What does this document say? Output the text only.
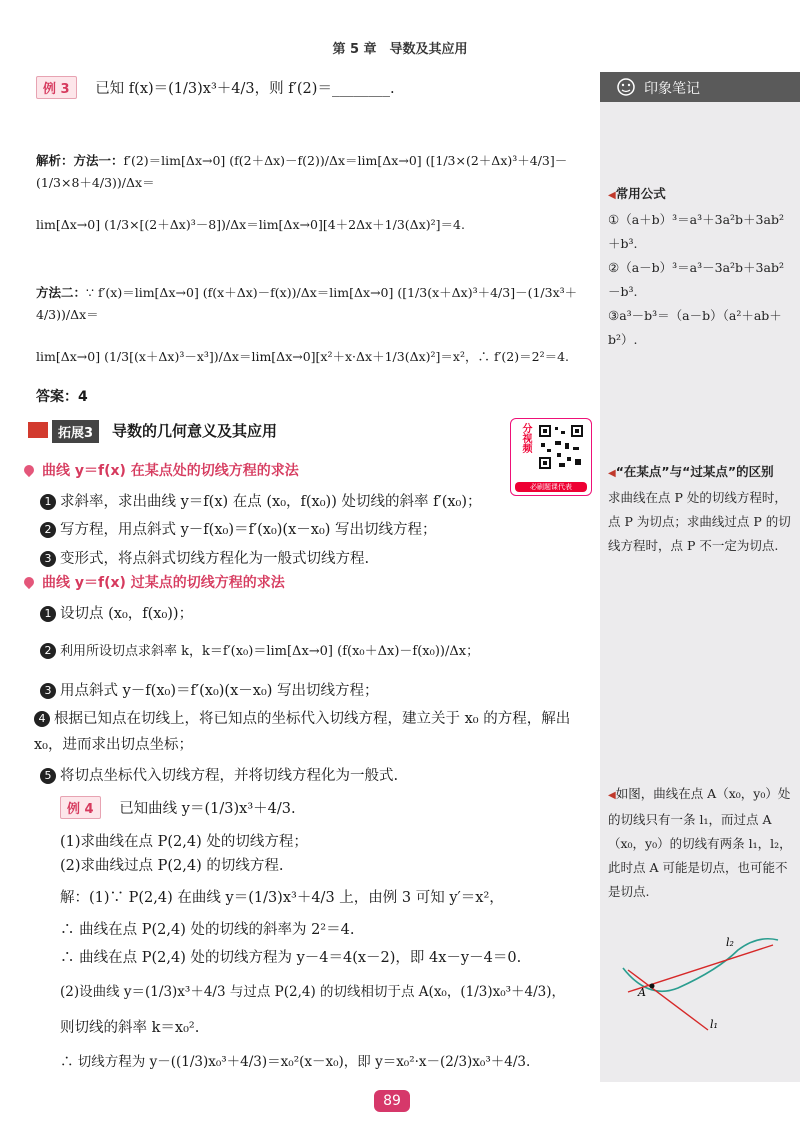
第 5 章　导数及其应用
印象笔记
◀常用公式
①（a＋b）³＝a³＋3a²b＋3ab²＋b³.
②（a－b）³＝a³－3a²b＋3ab²－b³.
③a³－b³＝（a－b）（a²＋ab＋b²）.
◀“在某点”与“过某点”的区别
求曲线在点 P 处的切线方程时，点 P 为切点；求曲线过点 P 的切线方程时，点 P 不一定为切点.
◀如图，曲线在点 A（x₀，y₀）处的切线只有一条 l₁，而过点 A（x₀，y₀）的切线有两条 l₁，l₂，此时点 A 可能是切点，也可能不是切点.
A
l₁
l₂
例 3 已知 f(x)＝(1/3)x³＋4/3，则 f′(2)＝________.
解析：方法一：f′(2)＝lim[Δx→0] (f(2＋Δx)－f(2))/Δx＝lim[Δx→0] ([1/3×(2＋Δx)³＋4/3]－(1/3×8＋4/3))/Δx＝
lim[Δx→0] (1/3×[(2＋Δx)³－8])/Δx＝lim[Δx→0][4＋2Δx＋1/3(Δx)²]＝4.
方法二：∵ f′(x)＝lim[Δx→0] (f(x＋Δx)－f(x))/Δx＝lim[Δx→0] ([1/3(x＋Δx)³＋4/3]－(1/3x³＋4/3))/Δx＝
lim[Δx→0] (1/3[(x＋Δx)³－x³])/Δx＝lim[Δx→0][x²＋x·Δx＋1/3(Δx)²]＝x²，∴ f′(2)＝2²＝4.
答案：4
拓展3	导数的几何意义及其应用	分视频
必刷题课代表
曲线 y＝f(x) 在某点处的切线方程的求法
1 求斜率，求出曲线 y＝f(x) 在点 (x₀，f(x₀)) 处切线的斜率 f′(x₀)；
2 写方程，用点斜式 y－f(x₀)＝f′(x₀)(x－x₀) 写出切线方程；
3 变形式，将点斜式切线方程化为一般式切线方程.
曲线 y＝f(x) 过某点的切线方程的求法
1 设切点 (x₀，f(x₀))；
2 利用所设切点求斜率 k，k＝f′(x₀)＝lim[Δx→0] (f(x₀＋Δx)－f(x₀))/Δx；
3 用点斜式 y－f(x₀)＝f′(x₀)(x－x₀) 写出切线方程；
4 根据已知点在切线上，将已知点的坐标代入切线方程，建立关于 x₀ 的方程，解出 x₀，进而求出切点坐标；
5 将切点坐标代入切线方程，并将切线方程化为一般式.
例 4 已知曲线 y＝(1/3)x³＋4/3.
(1)求曲线在点 P(2,4) 处的切线方程；
(2)求曲线过点 P(2,4) 的切线方程.
解：(1)∵ P(2,4) 在曲线 y＝(1/3)x³＋4/3 上，由例 3 可知 y′＝x²，
∴ 曲线在点 P(2,4) 处的切线的斜率为 2²＝4.
∴ 曲线在点 P(2,4) 处的切线方程为 y－4＝4(x－2)，即 4x－y－4＝0.
(2)设曲线 y＝(1/3)x³＋4/3 与过点 P(2,4) 的切线相切于点 A(x₀，(1/3)x₀³＋4/3)，
则切线的斜率 k＝x₀².
∴ 切线方程为 y－((1/3)x₀³＋4/3)＝x₀²(x－x₀)，即 y＝x₀²·x－(2/3)x₀³＋4/3.
89
